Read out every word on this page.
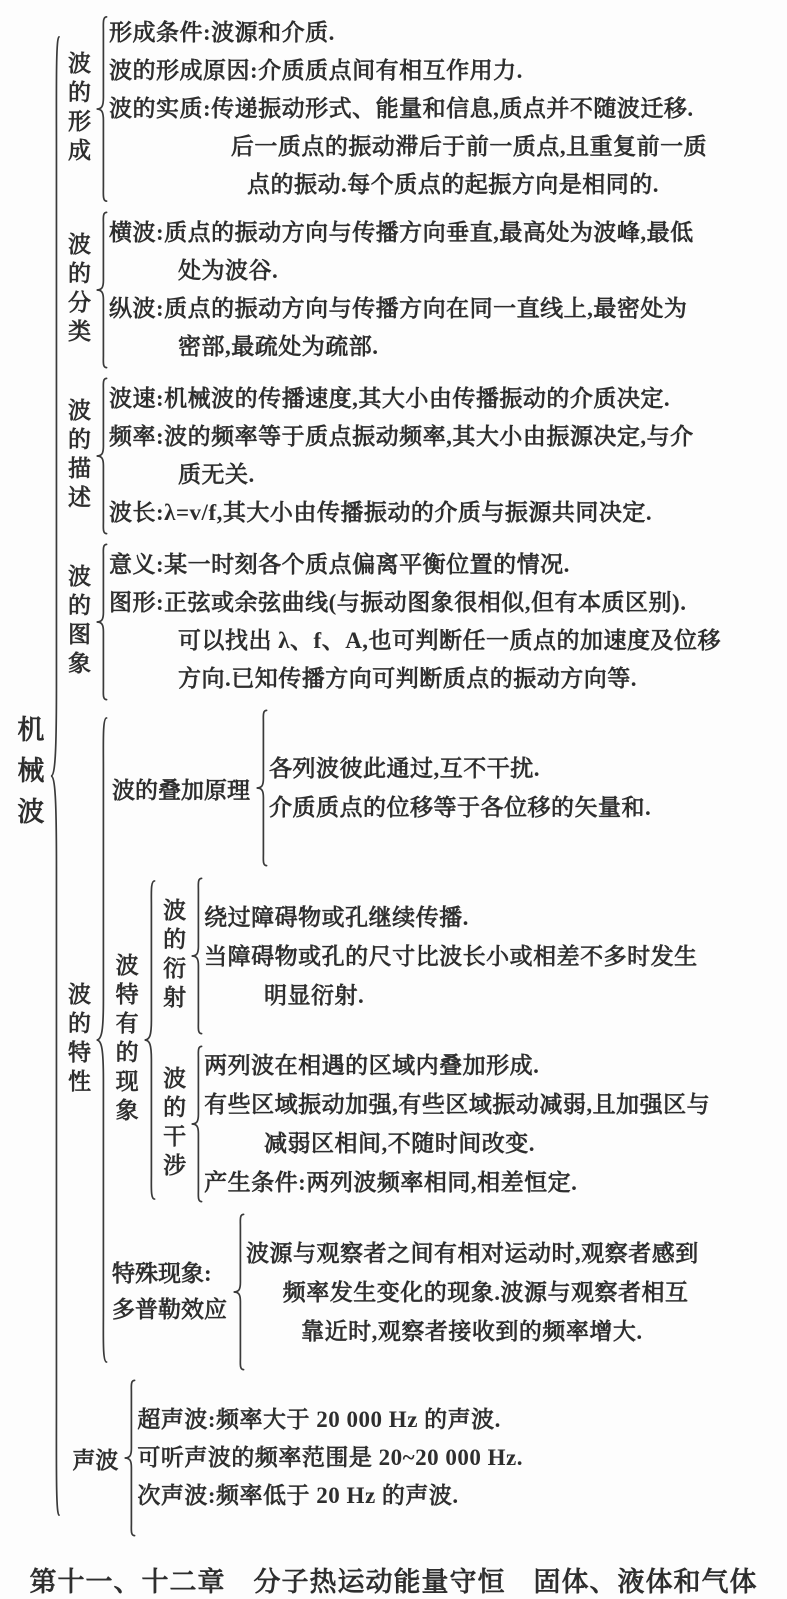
机械波
波的形成
形成条件:波源和介质.
波的形成原因:介质质点间有相互作用力.
波的实质:传递振动形式、能量和信息,质点并不随波迁移.
后一质点的振动滞后于前一质点,且重复前一质
点的振动.每个质点的起振方向是相同的.
波的分类 横波:质点的振动方向与传播方向垂直,最高处为波峰,最低
处为波谷.
纵波:质点的振动方向与传播方向在同一直线上,最密处为
密部,最疏处为疏部.
波的描述 波速:机械波的传播速度,其大小由传播振动的介质决定.
频率:波的频率等于质点振动频率,其大小由振源决定,与介
质无关.
波长:λ=v/f,其大小由传播振动的介质与振源共同决定.
波的图象 意义:某一时刻各个质点偏离平衡位置的情况.
图形:正弦或余弦曲线(与振动图象很相似,但有本质区别).
可以找出 λ、f、A,也可判断任一质点的加速度及位移
方向.已知传播方向可判断质点的振动方向等.
波的特性
波的叠加原理
各列波彼此通过,互不干扰.
介质质点的位移等于各位移的矢量和.
波特有的现象 波的衍射 绕过障碍物或孔继续传播.
当障碍物或孔的尺寸比波长小或相差不多时发生
明显衍射.
波的干涉
两列波在相遇的区域内叠加形成.
有些区域振动加强,有些区域振动减弱,且加强区与
减弱区相间,不随时间改变.
产生条件:两列波频率相同,相差恒定.
特殊现象:
多普勒效应
波源与观察者之间有相对运动时,观察者感到
频率发生变化的现象.波源与观察者相互
靠近时,观察者接收到的频率增大.
声波
超声波:频率大于 20 000 Hz 的声波.
可听声波的频率范围是 20~20 000 Hz.
次声波:频率低于 20 Hz 的声波.
第十一、十二章　分子热运动能量守恒　固体、液体和气体
